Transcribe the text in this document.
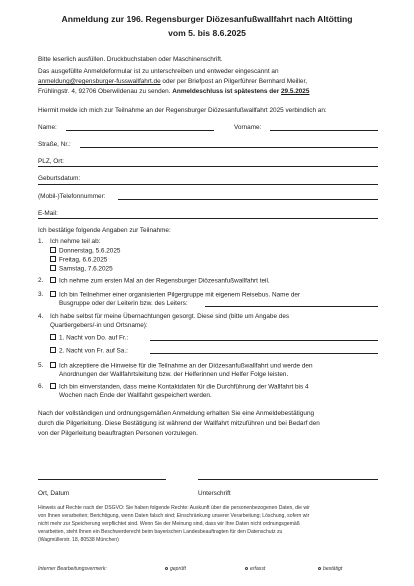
Anmeldung zur 196. Regensburger Diözesanfußwallfahrt nach Altötting
vom 5. bis 8.6.2025
Bitte leserlich ausfüllen. Druckbuchstaben oder Maschinenschrift.
Das ausgefüllte Anmeldeformular ist zu unterschreiben und entweder eingescannt an
anmeldung@regensburger-fusswallfahrt.de oder per Briefpost an Pilgerführer Bernhard Meiller,
Frühlingstr. 4, 92706 Oberwildenau zu senden. Anmeldeschluss ist spätestens der 29.5.2025
Hiermit melde ich mich zur Teilnahme an der Regensburger Diözesanfußwallfahrt 2025 verbindlich an:
Name:	Vorname:
Straße, Nr.:
PLZ, Ort:
Geburtsdatum:
(Mobil-)Telefonnummer:
E-Mail:
Ich bestätige folgende Angaben zur Teilnahme:
1. Ich nehme teil ab:
Donnerstag, 5.6.2025
Freitag, 6.6.2025
Samstag, 7.6.2025
2.	Ich nehme zum ersten Mal an der Regensburger Diözesanfußwallfahrt teil.
3.	Ich bin Teilnehmer einer organisierten Pilgergruppe mit eigenem Reisebus. Name der
Busgruppe oder der Leiterin bzw. des Leiters:
4. Ich habe selbst für meine Übernachtungen gesorgt. Diese sind (bitte um Angabe des
Quartiergebers/-in und Ortsname):
1. Nacht von Do. auf Fr.:
2. Nacht von Fr. auf Sa.:
5.	Ich akzeptiere die Hinweise für die Teilnahme an der Diözesanfußwallfahrt und werde den
Anordnungen der Wallfahrtsleitung bzw. der Helferinnen und Helfer Folge leisten.
6.	Ich bin einverstanden, dass meine Kontaktdaten für die Durchführung der Wallfahrt bis 4
Wochen nach Ende der Wallfahrt gespeichert werden.
Nach der vollständigen und ordnungsgemäßen Anmeldung erhalten Sie eine Anmeldebestätigung
durch die Pilgerleitung. Diese Bestätigung ist während der Wallfahrt mitzuführen und bei Bedarf den
von der Pilgerleitung beauftragten Personen vorzulegen.
Ort, Datum	Unterschrift
Hinweis auf Rechte nach der DSGVO: Sie haben folgende Rechte: Auskunft über die personenbezogenen Daten, die wir
von Ihnen verarbeiten; Berichtigung, wenn Daten falsch sind; Einschränkung unserer Verarbeitung; Löschung, sofern wir
nicht mehr zur Speicherung verpflichtet sind. Wenn Sie der Meinung sind, dass wir Ihre Daten nicht ordnungsgemäß
verarbeiten, steht Ihnen ein Beschwerderecht beim bayerischen Landesbeauftragten für den Datenschutz zu
(Wagmüllerstr. 18, 80538 München)
Interner Bearbeitungsvermerk:	geprüft	erfasst	bestätigt
